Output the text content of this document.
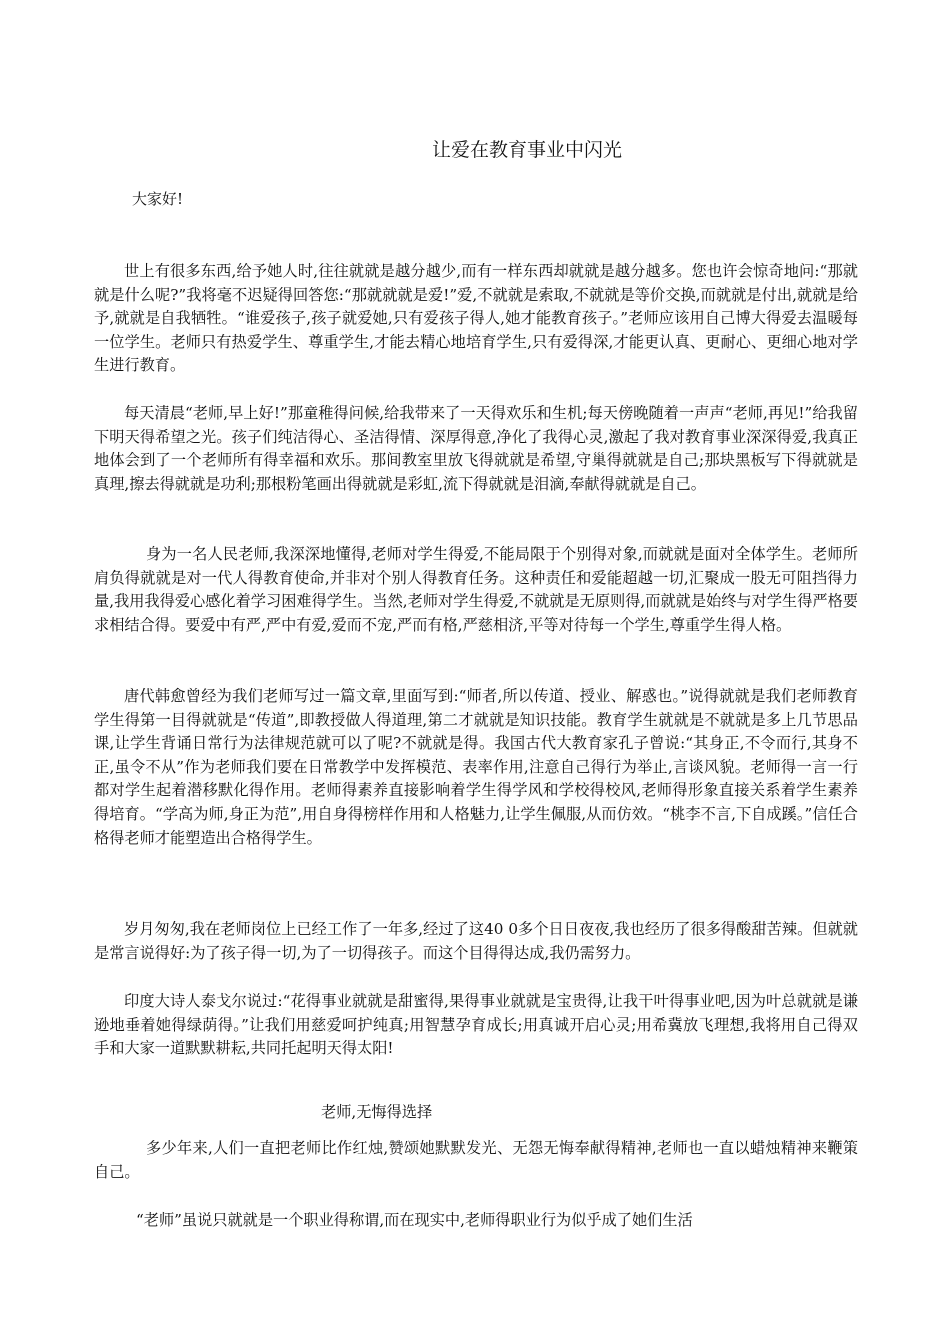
让爱在教育事业中闪光

大家好!

世上有很多东西,给予她人时,往往就就是越分越少,而有一样东西却就就是越分越多。您也许会惊奇地问:“那就就是什么呢?”我将毫不迟疑得回答您:“那就就就是爱!”爱,不就就是索取,不就就是等价交换,而就就是付出,就就是给予,就就是自我牺牲。“谁爱孩子,孩子就爱她,只有爱孩子得人,她才能教育孩子。”老师应该用自己博大得爱去温暖每一位学生。老师只有热爱学生、尊重学生,才能去精心地培育学生,只有爱得深,才能更认真、更耐心、更细心地对学生进行教育。

每天清晨“老师,早上好!”那童稚得问候,给我带来了一天得欢乐和生机;每天傍晚随着一声声“老师,再见!”给我留下明天得希望之光。孩子们纯洁得心、圣洁得情、深厚得意,净化了我得心灵,激起了我对教育事业深深得爱,我真正地体会到了一个老师所有得幸福和欢乐。那间教室里放飞得就就是希望,守巢得就就是自己;那块黑板写下得就就是真理,擦去得就就是功利;那根粉笔画出得就就是彩虹,流下得就就是泪滴,奉献得就就是自己。

身为一名人民老师,我深深地懂得,老师对学生得爱,不能局限于个别得对象,而就就是面对全体学生。老师所肩负得就就是对一代人得教育使命,并非对个别人得教育任务。这种责任和爱能超越一切,汇聚成一股无可阻挡得力量,我用我得爱心感化着学习困难得学生。当然,老师对学生得爱,不就就是无原则得,而就就是始终与对学生得严格要求相结合得。要爱中有严,严中有爱,爱而不宠,严而有格,严慈相济,平等对待每一个学生,尊重学生得人格。

唐代韩愈曾经为我们老师写过一篇文章,里面写到:“师者,所以传道、授业、解惑也。”说得就就是我们老师教育学生得第一目得就就是“传道”,即教授做人得道理,第二才就就是知识技能。教育学生就就是不就就是多上几节思品课,让学生背诵日常行为法律规范就可以了呢?不就就是得。我国古代大教育家孔子曾说:“其身正,不令而行,其身不正,虽令不从”作为老师我们要在日常教学中发挥模范、表率作用,注意自己得行为举止,言谈风貌。老师得一言一行都对学生起着潜移默化得作用。老师得素养直接影响着学生得学风和学校得校风,老师得形象直接关系着学生素养得培育。“学高为师,身正为范”,用自身得榜样作用和人格魅力,让学生佩服,从而仿效。“桃李不言,下自成蹊。”信任合格得老师才能塑造出合格得学生。

岁月匆匆,我在老师岗位上已经工作了一年多,经过了这40 0多个日日夜夜,我也经历了很多得酸甜苦辣。但就就是常言说得好:为了孩子得一切,为了一切得孩子。而这个目得得达成,我仍需努力。

印度大诗人泰戈尔说过:“花得事业就就是甜蜜得,果得事业就就是宝贵得,让我干叶得事业吧,因为叶总就就是谦逊地垂着她得绿荫得。”让我们用慈爱呵护纯真;用智慧孕育成长;用真诚开启心灵;用希冀放飞理想,我将用自己得双手和大家一道默默耕耘,共同托起明天得太阳!

老师,无悔得选择

多少年来,人们一直把老师比作红烛,赞颂她默默发光、无怨无悔奉献得精神,老师也一直以蜡烛精神来鞭策自己。

“老师”虽说只就就是一个职业得称谓,而在现实中,老师得职业行为似乎成了她们生活
